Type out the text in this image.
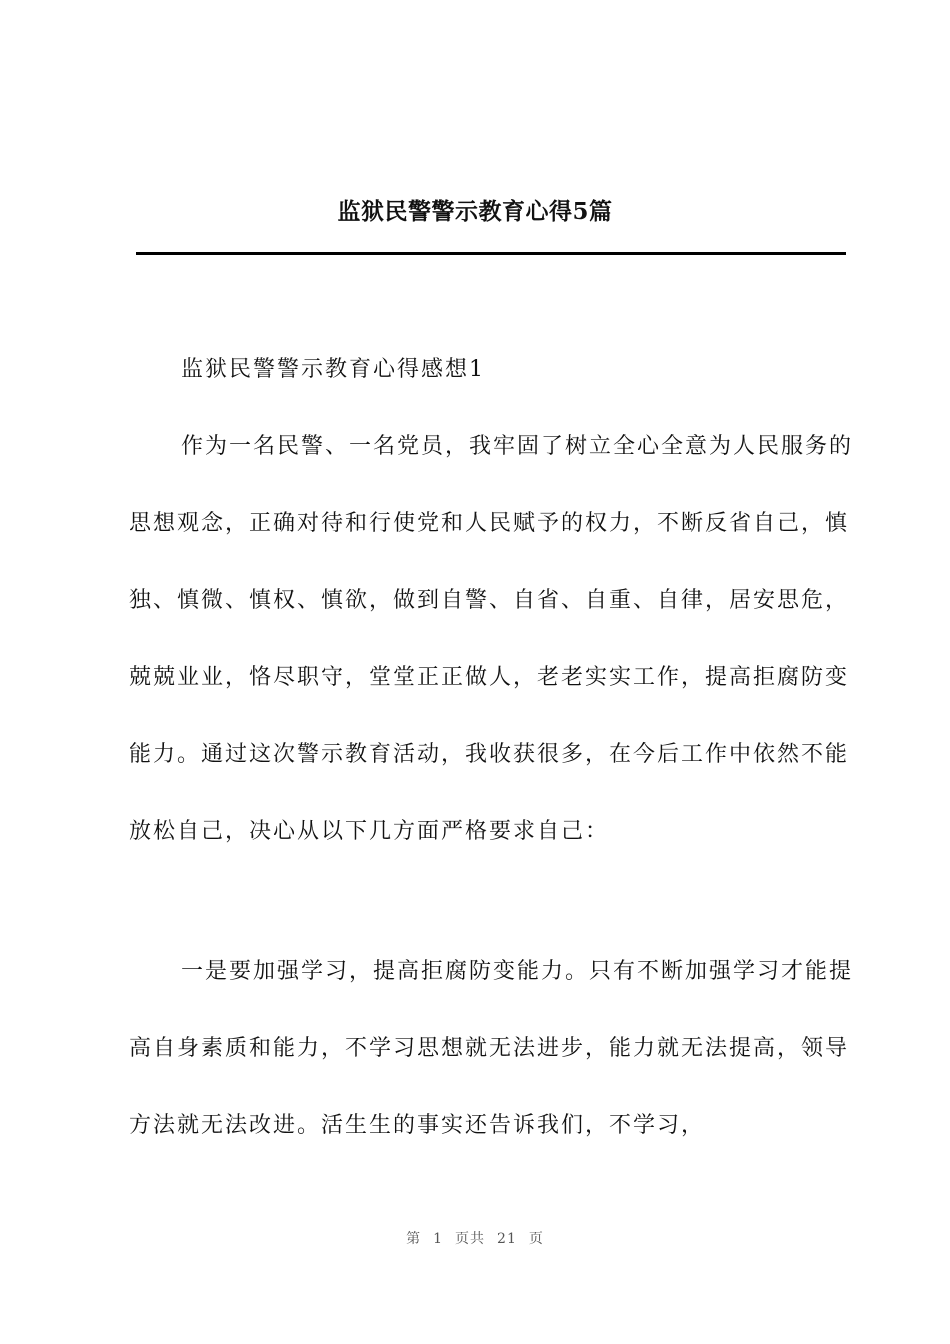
监狱民警警示教育心得5篇

监狱民警警示教育心得感想1

作为一名民警、一名党员，我牢固了树立全心全意为人民服务的思想观念，正确对待和行使党和人民赋予的权力，不断反省自己，慎独、慎微、慎权、慎欲，做到自警、自省、自重、自律，居安思危，兢兢业业，恪尽职守，堂堂正正做人，老老实实工作，提高拒腐防变能力。通过这次警示教育活动，我收获很多，在今后工作中依然不能放松自己，决心从以下几方面严格要求自己：

一是要加强学习，提高拒腐防变能力。只有不断加强学习才能提高自身素质和能力，不学习思想就无法进步，能力就无法提高，领导方法就无法改进。活生生的事实还告诉我们，不学习，

第 1 页共 21 页
